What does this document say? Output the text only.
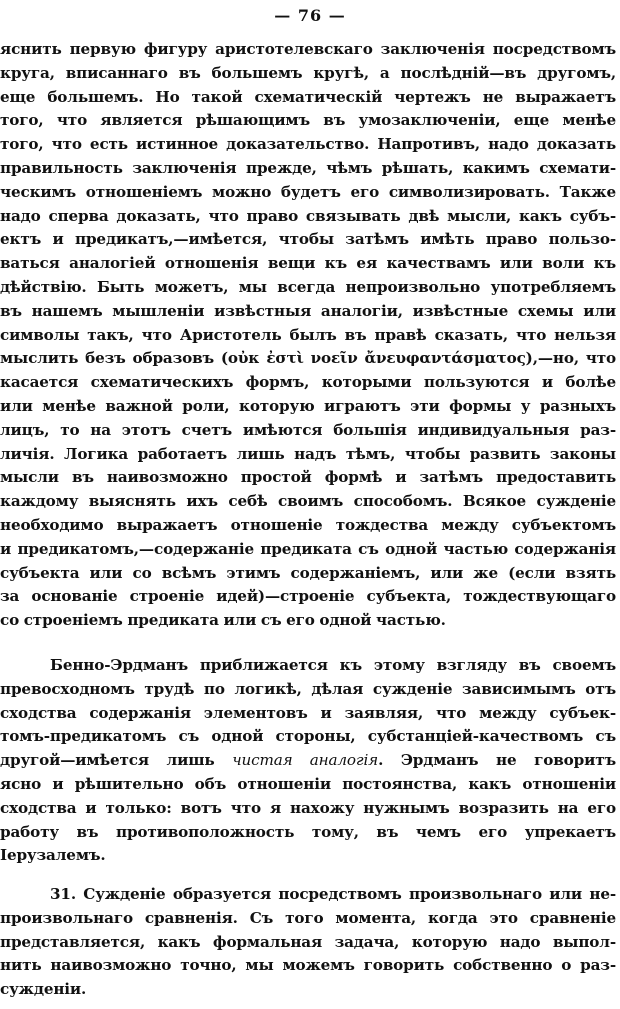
— 76 —
яснить первую фигуру аристотелевскаго заключенія посредствомъ
круга, вписаннаго въ большемъ кругѣ, а послѣдній—въ другомъ,
еще большемъ. Но такой схематическій чертежъ не выражаетъ
того, что является рѣшающимъ въ умозаключеніи, еще менѣе
того, что есть истинное доказательство. Напротивъ, надо доказать
правильность заключенія прежде, чѣмъ рѣшать, какимъ схемати-
ческимъ отношеніемъ можно будетъ его символизировать. Также
надо сперва доказать, что право связывать двѣ мысли, какъ субъ-
ектъ и предикатъ,—имѣется, чтобы затѣмъ имѣть право пользо-
ваться аналогіей отношенія вещи къ ея качествамъ или воли къ
дѣйствію. Быть можетъ, мы всегда непроизвольно употребляемъ
въ нашемъ мышленіи извѣстныя аналогіи, извѣстные схемы или
символы такъ, что Аристотель былъ въ правѣ сказать, что нельзя
мыслить безъ образовъ (οὐκ ἐστὶ νοεῖν ἄνευφαντάσματος),—но, что
касается схематическихъ формъ, которыми пользуются и болѣе
или менѣе важной роли, которую играютъ эти формы у разныхъ
лицъ, то на этотъ счетъ имѣются большія индивидуальныя раз-
личія. Логика работаетъ лишь надъ тѣмъ, чтобы развить законы
мысли въ наивозможно простой формѣ и затѣмъ предоставить
каждому выяснять ихъ себѣ своимъ способомъ. Всякое сужденіе
необходимо выражаетъ отношеніе тождества между субъектомъ
и предикатомъ,—содержаніе предиката съ одной частью содержанія
субъекта или со всѣмъ этимъ содержаніемъ, или же (если взять
за основаніе строеніе идей)—строеніе субъекта, тождествующаго
со строеніемъ предиката или съ его одной частью.
Бенно-Эрдманъ приближается къ этому взгляду въ своемъ
превосходномъ трудѣ по логикѣ, дѣлая сужденіе зависимымъ отъ
сходства содержанія элементовъ и заявляя, что между субъек-
томъ-предикатомъ съ одной стороны, субстанціей-качествомъ съ
другой—имѣется лишь чистая аналогія. Эрдманъ не говоритъ
ясно и рѣшительно объ отношеніи постоянства, какъ отношеніи
сходства и только: вотъ что я нахожу нужнымъ возразить на его
работу въ противоположность тому, въ чемъ его упрекаетъ
Іерузалемъ.
31. Сужденіе образуется посредствомъ произвольнаго или не-
произвольнаго сравненія. Съ того момента, когда это сравненіе
представляется, какъ формальная задача, которую надо выпол-
нить наивозможно точно, мы можемъ говорить собственно о раз-
сужденіи.
